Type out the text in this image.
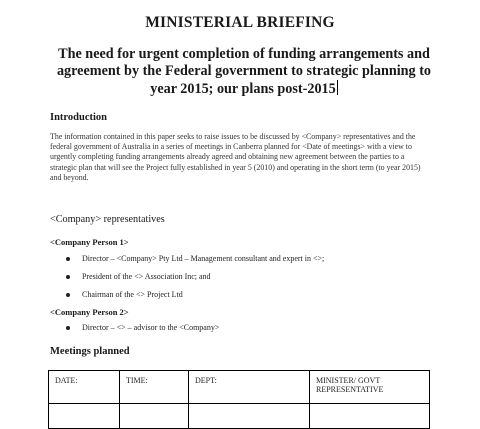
MINISTERIAL BRIEFING
The need for urgent completion of funding arrangements and agreement by the Federal government to strategic planning to year 2015; our plans post-2015
Introduction

The information contained in this paper seeks to raise issues to be discussed by <Company> representatives and the federal government of Australia in a series of meetings in Canberra planned for <Date of meetings> with a view to urgently completing funding arrangements already agreed and obtaining new agreement between the parties to a strategic plan that will see the Project fully established in year 5 (2010) and operating in the short term (to year 2015) and beyond.

<Company> representatives
<Company Person 1>
Director – <Company> Pty Ltd – Management consultant and expert in <>;
President of the <> Association Inc; and
Chairman of the <> Project Ltd
<Company Person 2>
Director – <> – advisor to the <Company>
Meetings planned
DATE:	TIME:	DEPT:	MINISTER/ GOVT REPRESENTATIVE
